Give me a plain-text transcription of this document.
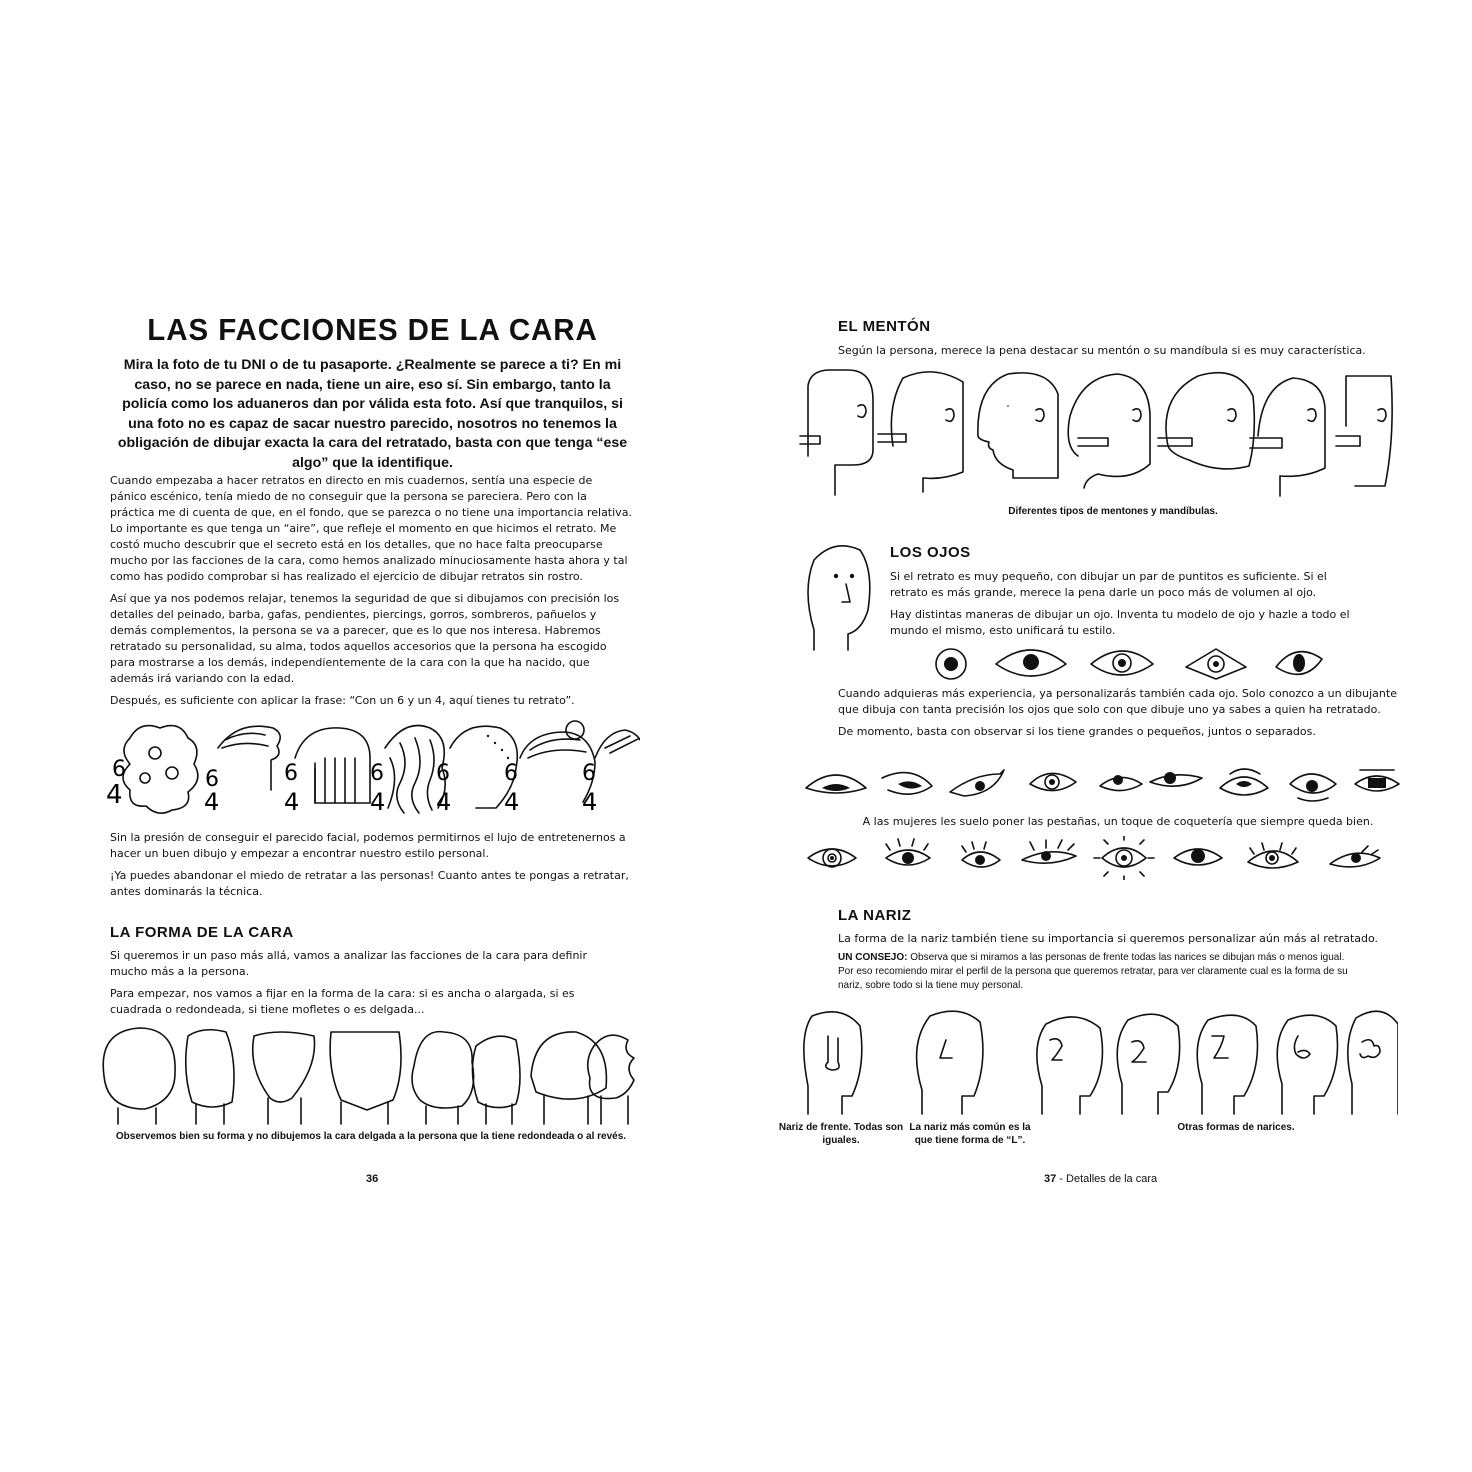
LAS FACCIONES DE LA CARA

Mira la foto de tu DNI o de tu pasaporte. ¿Realmente se parece a ti? En mi caso, no se parece en nada, tiene un aire, eso sí. Sin embargo, tanto la policía como los aduaneros dan por válida esta foto. Así que tranquilos, si una foto no es capaz de sacar nuestro parecido, nosotros no tenemos la obligación de dibujar exacta la cara del retratado, basta con que tenga “ese algo” que la identifique.

Cuando empezaba a hacer retratos en directo en mis cuadernos, sentía una especie de pánico escénico, tenía miedo de no conseguir que la persona se pareciera. Pero con la práctica me di cuenta de que, en el fondo, que se parezca o no tiene una importancia relativa. Lo importante es que tenga un “aire”, que refleje el momento en que hicimos el retrato. Me costó mucho descubrir que el secreto está en los detalles, que no hace falta preocuparse mucho por las facciones de la cara, como hemos analizado minuciosamente hasta ahora y tal como has podido comprobar si has realizado el ejercicio de dibujar retratos sin rostro.

Así que ya nos podemos relajar, tenemos la seguridad de que si dibujamos con precisión los detalles del peinado, barba, gafas, pendientes, piercings, gorros, sombreros, pañuelos y demás complementos, la persona se va a parecer, que es lo que nos interesa. Habremos retratado su personalidad, su alma, todos aquellos accesorios que la persona ha escogido para mostrarse a los demás, independientemente de la cara con la que ha nacido, que además irá variando con la edad.

Después, es suficiente con aplicar la frase: “Con un 6 y un 4, aquí tienes tu retrato”.

4
6	6
4
6
4
6
4
6
4
6
4
6
4

Sin la presión de conseguir el parecido facial, podemos permitirnos el lujo de entretenernos a hacer un buen dibujo y empezar a encontrar nuestro estilo personal.

¡Ya puedes abandonar el miedo de retratar a las personas! Cuanto antes te pongas a retratar, antes dominarás la técnica.

LA FORMA DE LA CARA

Si queremos ir un paso más allá, vamos a analizar las facciones de la cara para definir mucho más a la persona.

Para empezar, nos vamos a fijar en la forma de la cara: si es ancha o alargada, si es cuadrada o redondeada, si tiene mofletes o es delgada...

Observemos bien su forma y no dibujemos la cara delgada a la persona que la tiene redondeada o al revés.

36
EL MENTÓN

Según la persona, merece la pena destacar su mentón o su mandíbula si es muy característica.

Diferentes tipos de mentones y mandíbulas.

LOS OJOS

Si el retrato es muy pequeño, con dibujar un par de puntitos es suficiente. Si el retrato es más grande, merece la pena darle un poco más de volumen al ojo.

Hay distintas maneras de dibujar un ojo. Inventa tu modelo de ojo y hazle a todo el mundo el mismo, esto unificará tu estilo.

Cuando adquieras más experiencia, ya personalizarás también cada ojo. Solo conozco a un dibujante que dibuja con tanta precisión los ojos que solo con que dibuje uno ya sabes a quien ha retratado.

De momento, basta con observar si los tiene grandes o pequeños, juntos o separados.

A las mujeres les suelo poner las pestañas, un toque de coquetería que siempre queda bien.

LA NARIZ

La forma de la nariz también tiene su importancia si queremos personalizar aún más al retratado.

UN CONSEJO: Observa que si miramos a las personas de frente todas las narices se dibujan más o menos igual. Por eso recomiendo mirar el perfil de la persona que queremos retratar, para ver claramente cual es la forma de su nariz, sobre todo si la tiene muy personal.

Nariz de frente. Todas son iguales.

La nariz más común es la que tiene forma de “L”.

Otras formas de narices.

37 - Detalles de la cara
